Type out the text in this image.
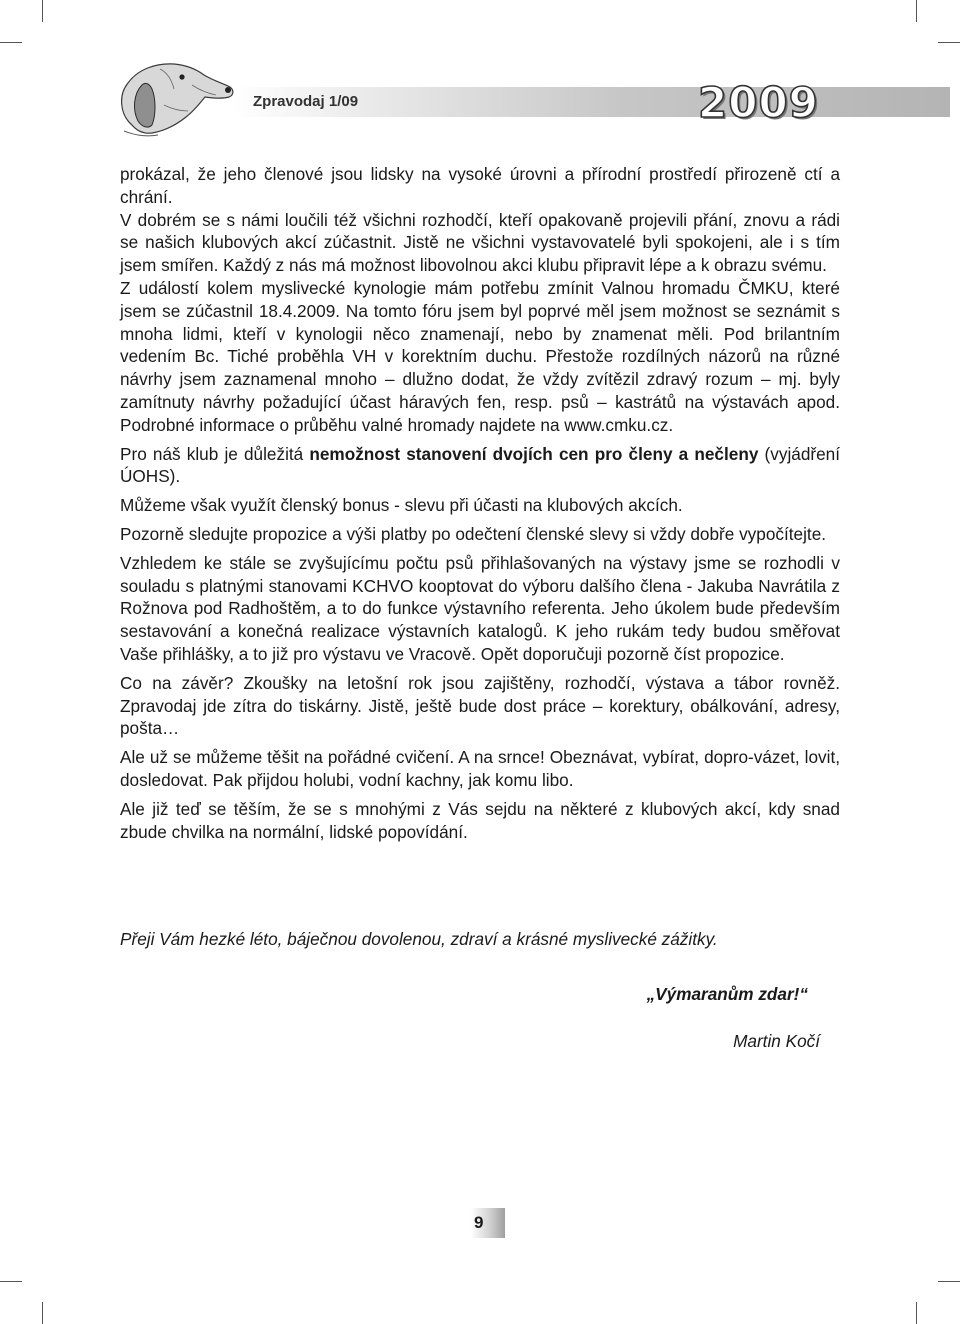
Zpravodaj 1/09	2009

prokázal, že jeho členové jsou lidsky na vysoké úrovni a přírodní prostředí přirozeně ctí a chrání.

V dobrém se s námi loučili též všichni rozhodčí, kteří opakovaně projevili přání, znovu a rádi se našich klubových akcí zúčastnit. Jistě ne všichni vystavovatelé byli spokojeni, ale i s tím jsem smířen. Každý z nás má možnost libovolnou akci klubu připravit lépe a k obrazu svému.

Z událostí kolem myslivecké kynologie mám potřebu zmínit Valnou hromadu ČMKU, které jsem se zúčastnil 18.4.2009. Na tomto fóru jsem byl poprvé měl jsem možnost se seznámit s mnoha lidmi, kteří v kynologii něco znamenají, nebo by znamenat měli. Pod brilantním vedením Bc. Tiché proběhla VH v korektním duchu. Přestože rozdílných názorů na různé návrhy jsem zaznamenal mnoho – dlužno dodat, že vždy zvítězil zdravý rozum – mj. byly zamítnuty návrhy požadující účast háravých fen, resp. psů – kastrátů na výstavách apod. Podrobné informace o průběhu valné hromady najdete na www.cmku.cz.

Pro náš klub je důležitá nemožnost stanovení dvojích cen pro členy a nečleny (vyjádření ÚOHS).

Můžeme však využít členský bonus - slevu při účasti na klubových akcích.

Pozorně sledujte propozice a výši platby po odečtení členské slevy si vždy dobře vypočítejte.

Vzhledem ke stále se zvyšujícímu počtu psů přihlašovaných na výstavy jsme se rozhodli v souladu s platnými stanovami KCHVO kooptovat do výboru dalšího člena - Jakuba Navrátila z Rožnova pod Radhoštěm, a to do funkce výstavního referenta. Jeho úkolem bude především sestavování a konečná realizace výstavních katalogů. K jeho rukám tedy budou směřovat Vaše přihlášky, a to již pro výstavu ve Vracově. Opět doporučuji pozorně číst propozice.

Co na závěr? Zkoušky na letošní rok jsou zajištěny, rozhodčí, výstava a tábor rovněž. Zpravodaj jde zítra do tiskárny. Jistě, ještě bude dost práce – korektury, obálkování, adresy, pošta…

Ale už se můžeme těšit na pořádné cvičení. A na srnce! Obeznávat, vybírat, dopro-vázet, lovit, dosledovat. Pak přijdou holubi, vodní kachny, jak komu libo.

Ale již teď se těším, že se s mnohými z Vás sejdu na některé z klubových akcí, kdy snad zbude chvilka na normální, lidské popovídání.

Přeji Vám hezké léto, báječnou dovolenou, zdraví a krásné myslivecké zážitky.
„Výmaranům zdar!“
Martin Kočí
9
